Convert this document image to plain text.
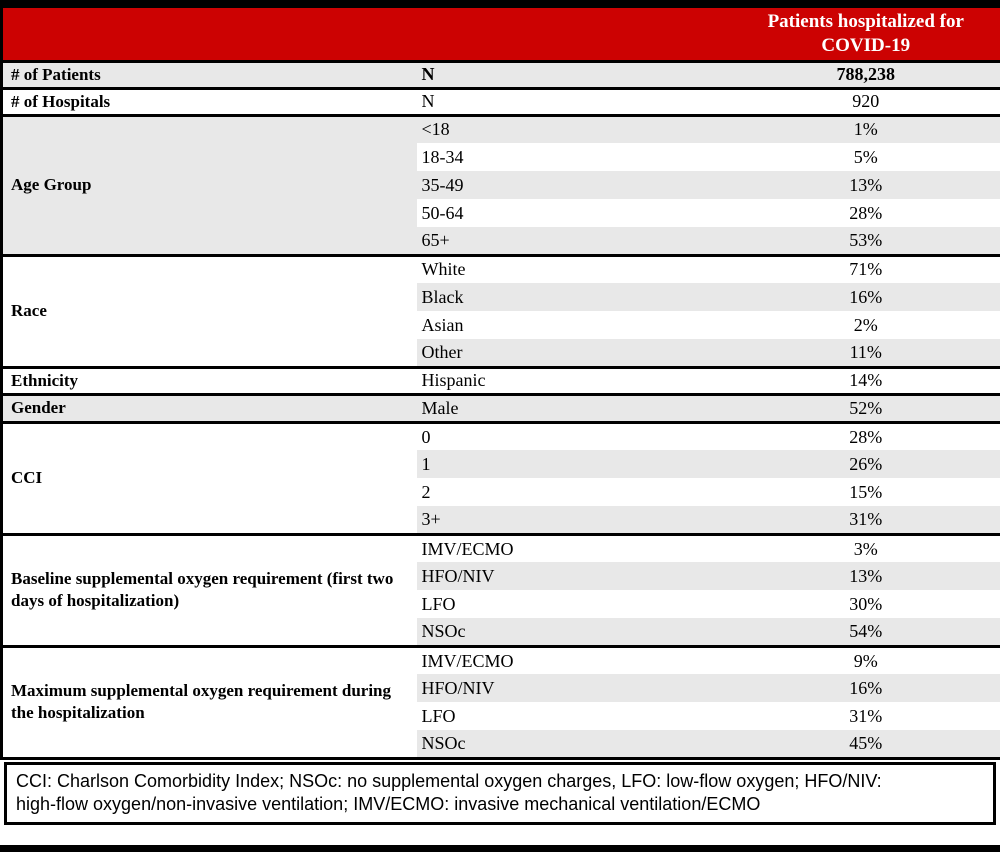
		Patients hospitalized for COVID-19
# of Patients	N	788,238
# of Hospitals	N	920
Age Group	<18	1%
	18-34	5%
	35-49	13%
	50-64	28%
	65+	53%
Race	White	71%
	Black	16%
	Asian	2%
	Other	11%
Ethnicity	Hispanic	14%
Gender	Male	52%
CCI	0	28%
	1	26%
	2	15%
	3+	31%
Baseline supplemental oxygen requirement (first two days of hospitalization)	IMV/ECMO	3%
	HFO/NIV	13%
	LFO	30%
	NSOc	54%
Maximum supplemental oxygen requirement during the hospitalization	IMV/ECMO	9%
	HFO/NIV	16%
	LFO	31%
	NSOc	45%
CCI: Charlson Comorbidity Index; NSOc: no supplemental oxygen charges, LFO: low-flow oxygen; HFO/NIV: high-flow oxygen/non-invasive ventilation; IMV/ECMO: invasive mechanical ventilation/ECMO
